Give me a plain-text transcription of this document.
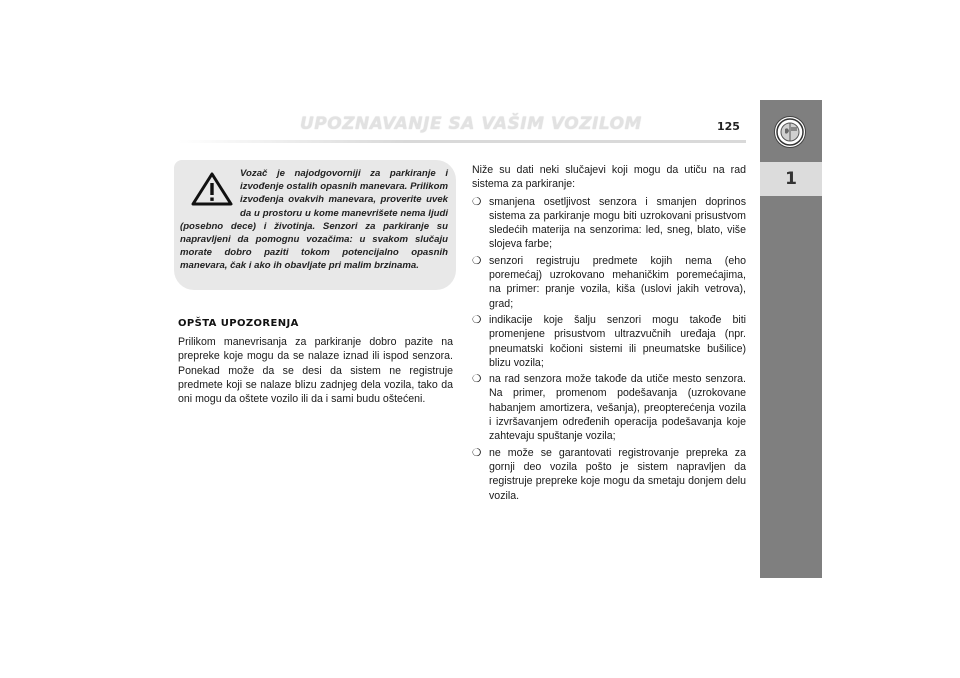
UPOZNAVANJE SA VAŠIM VOZILOM	125
1

Vozač je najodgovorniji za parkiranje i izvođenje ostalih opasnih manevara. Prilikom izvođenja ovakvih manevara, proverite uvek da u prostoru u kome manevrišete nema ljudi (posebno dece) i životinja. Senzori za parkiranje su napravljeni da pomognu vozačima: u svakom slučaju morate dobro paziti tokom potencijalno opasnih manevara, čak i ako ih obavljate pri malim brzinama.

OPŠTA UPOZORENJA

Prilikom manevrisanja za parkiranje dobro pazite na prepreke koje mogu da se nalaze iznad ili ispod senzora. Ponekad može da se desi da sistem ne registruje predmete koji se nalaze blizu zadnjeg dela vozila, tako da oni mogu da oštete vozilo ili da i sami budu oštećeni.

Niže su dati neki slučajevi koji mogu da utiču na rad sistema za parkiranje:

❍ smanjena osetljivost senzora i smanjen doprinos sistema za parkiranje mogu biti uzrokovani prisustvom sledećih materija na senzorima: led, sneg, blato, više slojeva farbe;
❍ senzori registruju predmete kojih nema (eho poremećaj) uzrokovano mehaničkim poremećajima, na primer: pranje vozila, kiša (uslovi jakih vetrova), grad;
❍ indikacije koje šalju senzori mogu takođe biti promenjene prisustvom ultrazvučnih uređaja (npr. pneumatski kočioni sistemi ili pneumatske bušilice) blizu vozila;
❍ na rad senzora može takođe da utiče mesto senzora. Na primer, promenom podešavanja (uzrokovane habanjem amortizera, vešanja), preopterećenja vozila i izvršavanjem određenih operacija podešavanja koje zahtevaju spuštanje vozila;
❍ ne može se garantovati registrovanje prepreka za gornji deo vozila pošto je sistem napravljen da registruje prepreke koje mogu da smetaju donjem delu vozila.
